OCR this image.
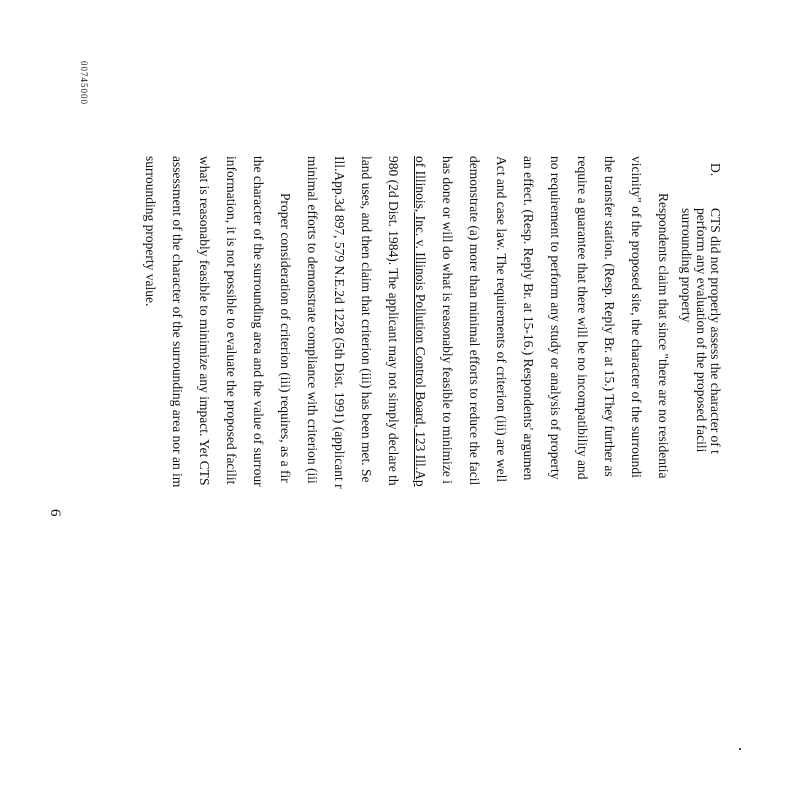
D.
CTS did not properly assess the character of t
perform any evaluation of the proposed facili
surrounding property
Respondents claim that since "there are no residentia
vicinity" of the proposed site, the character of the surroundi
the transfer station. (Resp. Reply Br. at 15.) They further as
require a guarantee that there will be no incompatibility and
no requirement to perform any study or analysis of property
an effect. (Resp. Reply Br. at 15-16.) Respondents' argumen
Act and case law. The requirements of criterion (iii) are well
demonstrate (a) more than minimal efforts to reduce the facil
has done or will do what is reasonably feasible to minimize i
of Illinois, Inc. v. Illinois Pollution Control Board, 123 Ill.Ap
980 (2d Dist. 1984). The applicant may not simply declare th
land uses, and then claim that criterion (iii) has been met. Se
Ill.App.3d 897, 579 N.E.2d 1228 (5th Dist. 1991) (applicant r
minimal efforts to demonstrate compliance with criterion (iii
Proper consideration of criterion (iii) requires, as a fir
the character of the surrounding area and the value of surrour
information, it is not possible to evaluate the proposed facilit
what is reasonably feasible to minimize any impact. Yet CTS
assessment of the character of the surrounding area nor an im
surrounding property value.
6
00745000
